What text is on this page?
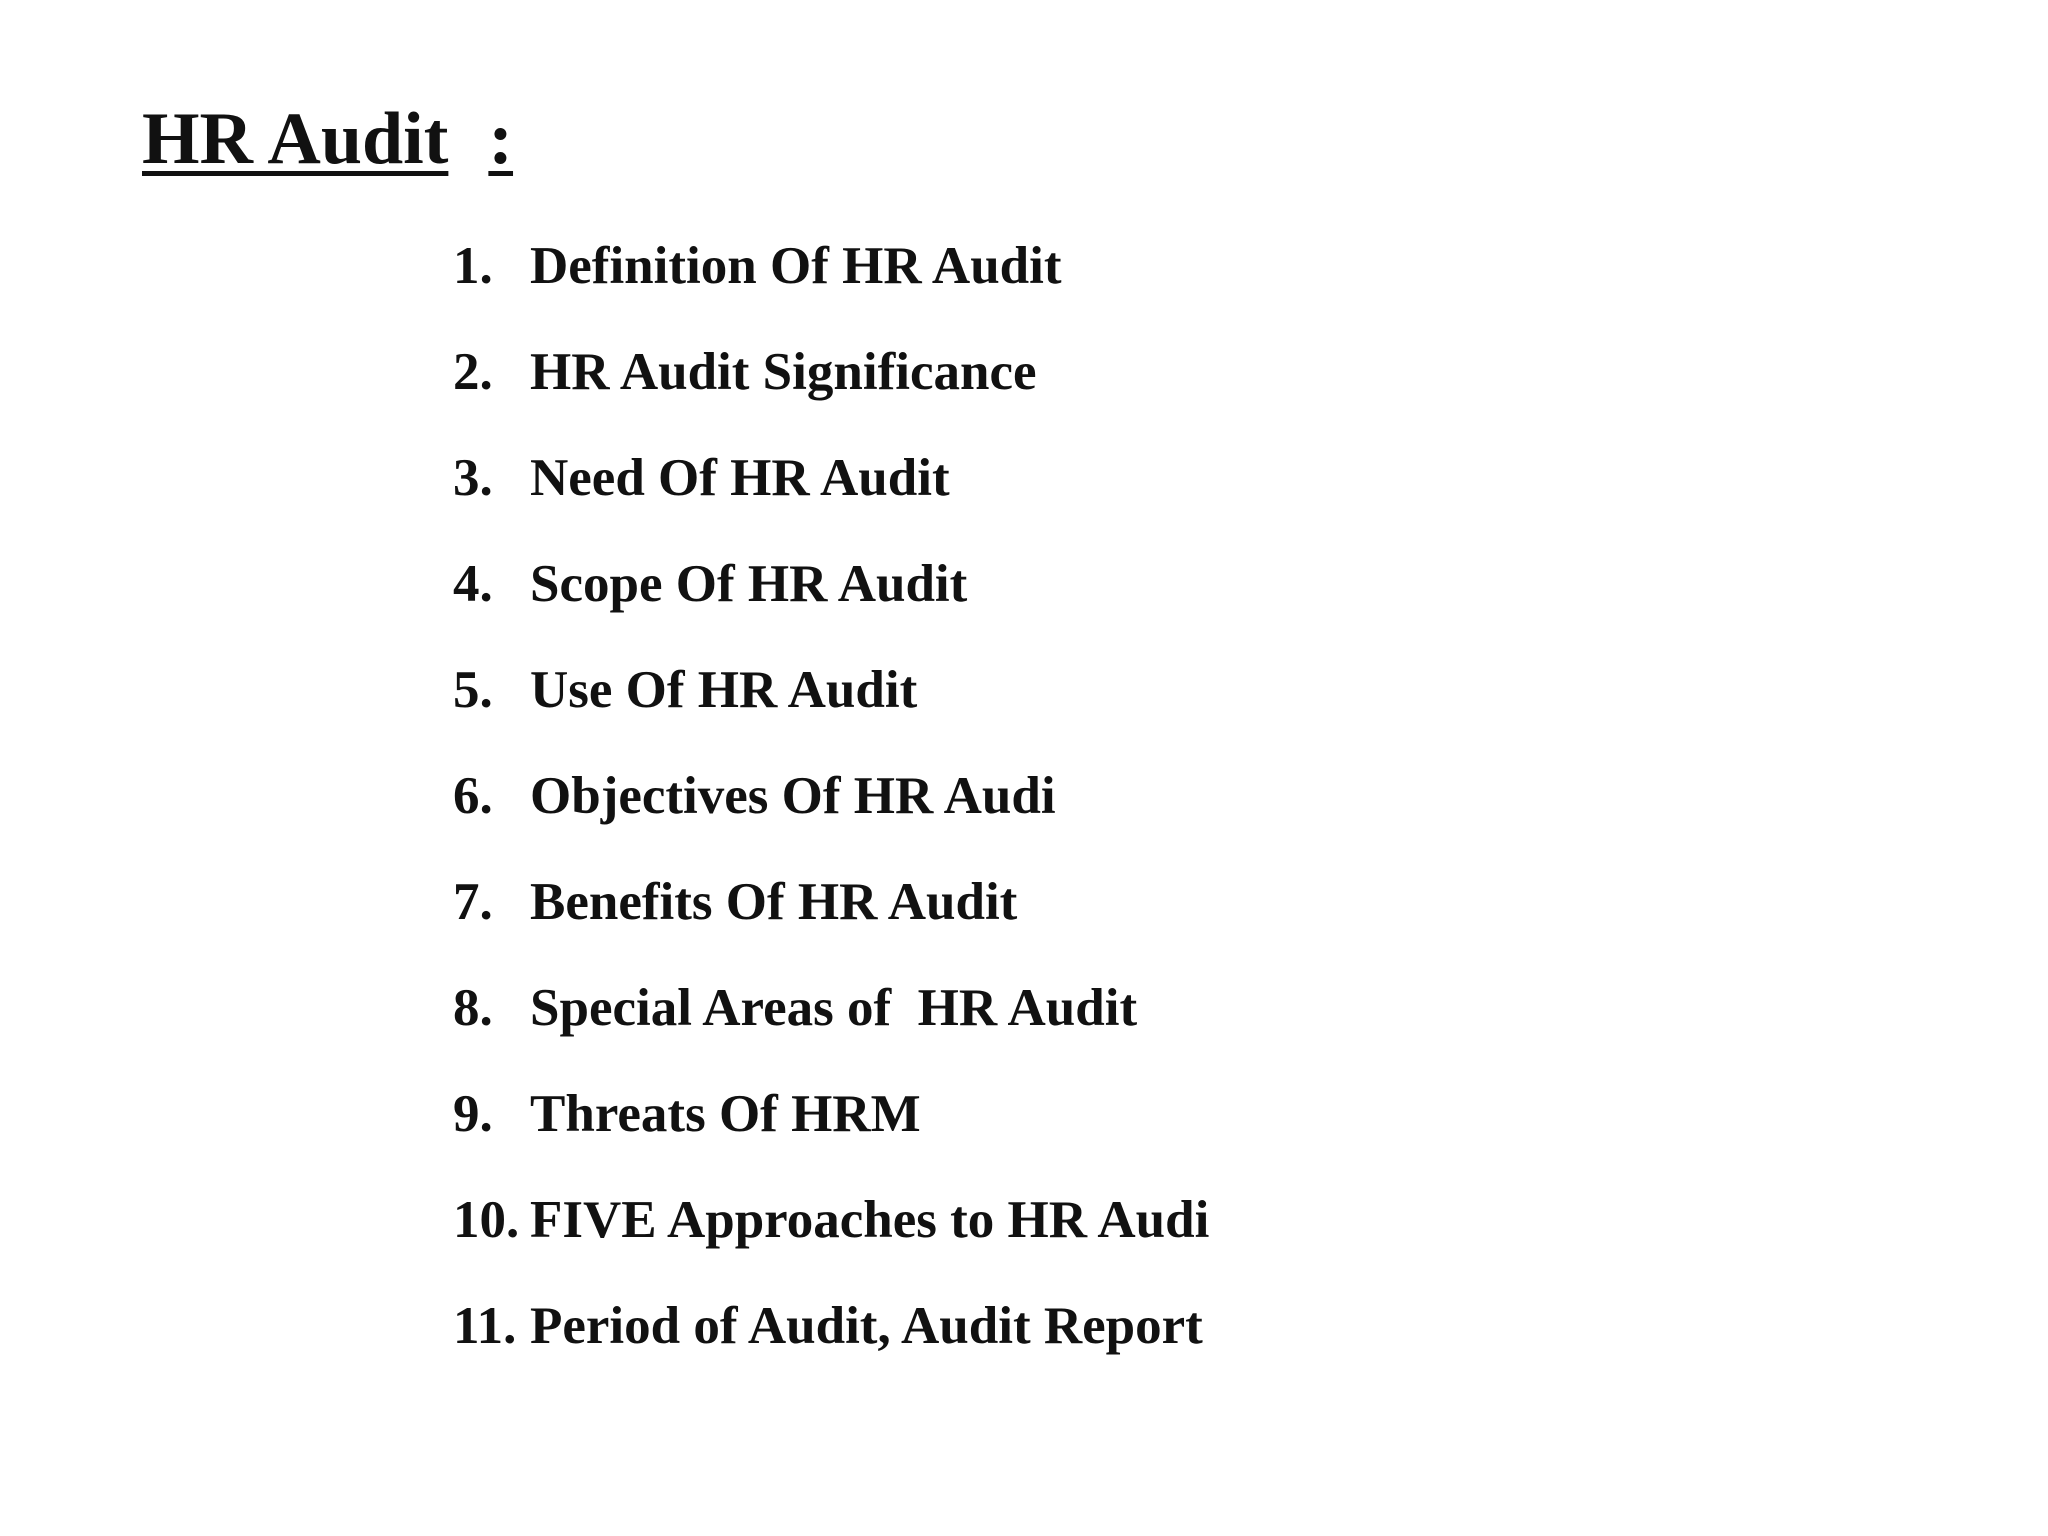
HR Audit :
1. Definition Of HR Audit
2. HR Audit Significance
3. Need Of HR Audit
4. Scope Of HR Audit
5. Use Of HR Audit
6. Objectives Of HR Audi
7. Benefits Of HR Audit
8. Special Areas of  HR Audit
9. Threats Of HRM
10. FIVE Approaches to HR Audi
11. Period of Audit, Audit Report
